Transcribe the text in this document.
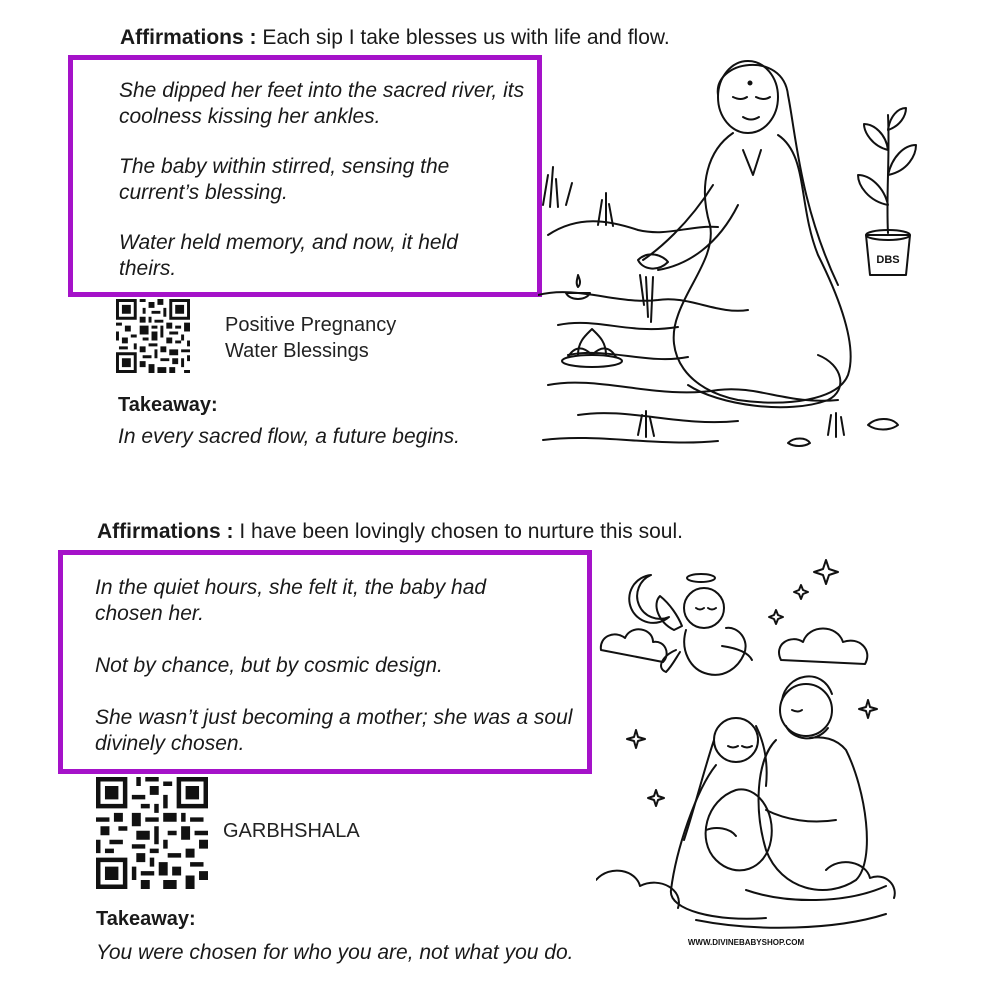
Affirmations : Each sip I take blesses us with life and flow.

She dipped her feet into the sacred river, its coolness kissing her ankles.

The baby within stirred, sensing the current’s blessing.

Water held memory, and now, it held theirs.

Positive Pregnancy
Water Blessings
Takeaway:
In every sacred flow, a future begins.
DBS
Affirmations : I have been lovingly chosen to nurture this soul.

In the quiet hours, she felt it, the baby had chosen her.

Not by chance, but by cosmic design.

She wasn’t just becoming a mother; she was a soul divinely chosen.

GARBHSHALA
Takeaway:
You were chosen for who you are, not what you do.	WWW.DIVINEBABYSHOP.COM
